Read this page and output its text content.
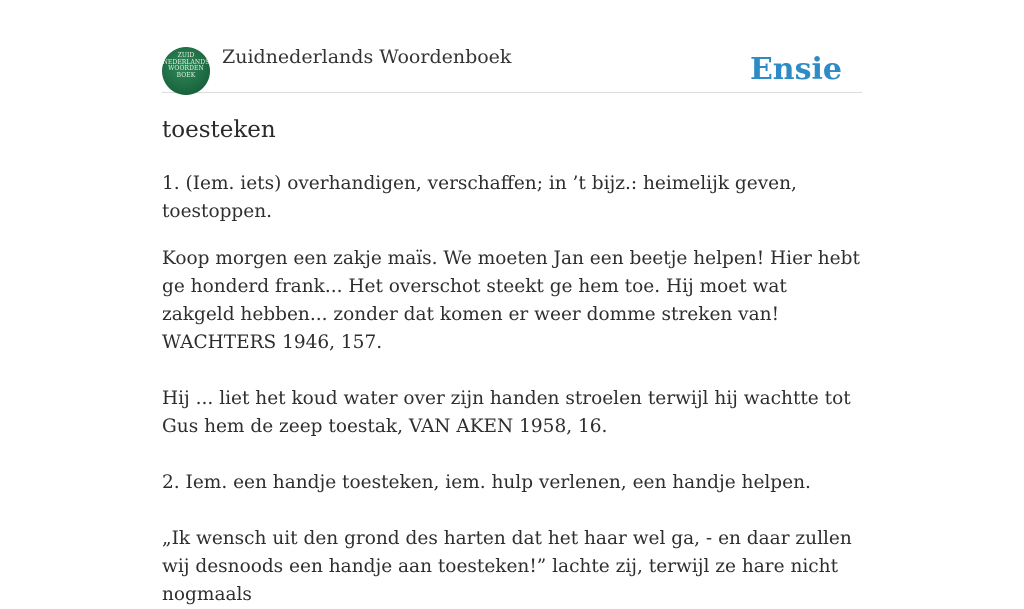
ZUID
NEDERLANDS
WOORDEN
BOEK
Zuidnederlands Woordenboek	Ensie
toesteken

1. (Iem. iets) overhandigen, verschaffen; in ’t bijz.: heimelijk geven, toestoppen.

Koop morgen een zakje maïs. We moeten Jan een beetje helpen! Hier hebt ge honderd frank... Het overschot steekt ge hem toe. Hij moet wat zakgeld hebben... zonder dat komen er weer domme streken van! WACHTERS 1946, 157.

Hij ... liet het koud water over zijn handen stroelen terwijl hij wachtte tot Gus hem de zeep toestak, VAN AKEN 1958, 16.

2. Iem. een handje toesteken, iem. hulp verlenen, een handje helpen.

„Ik wensch uit den grond des harten dat het haar wel ga, - en daar zullen wij desnoods een handje aan toesteken!” lachte zij, terwijl ze hare nicht nogmaals
